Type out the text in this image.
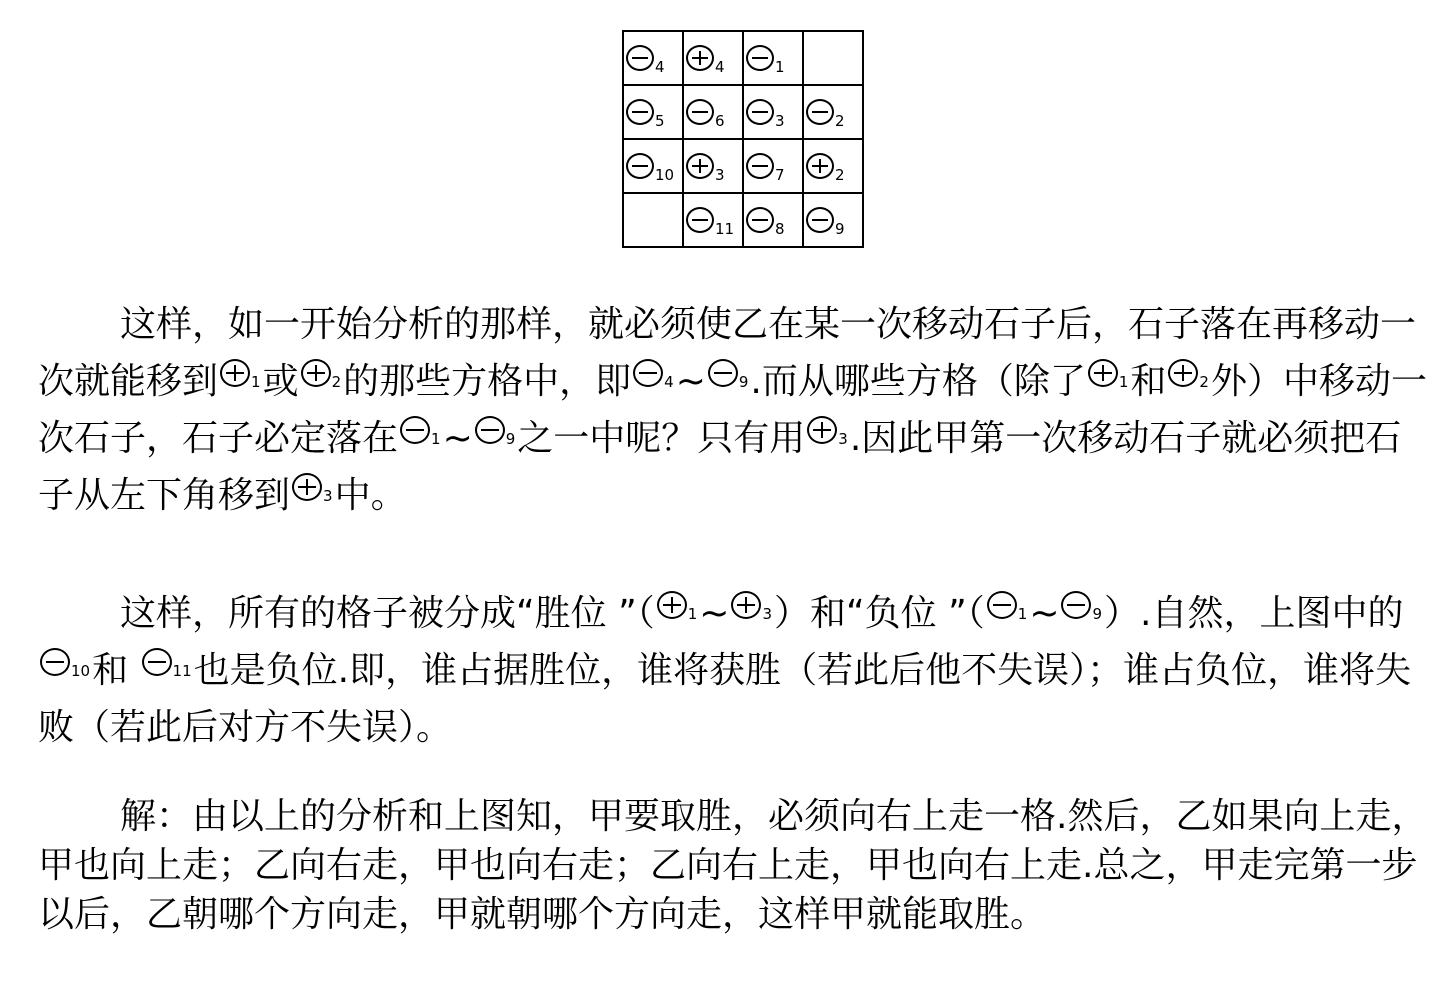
4	4	1	

5	6	3	2

10	3	7	2

	11	8	9

这样，如一开始分析的那样，就必须使乙在某一次移动石子后，石子落在再移动一次就能移到 1 或 2 的那些方格中，即 4 ~ 9 .而从哪些方格（除了 1 和 2 外）中移动一次石子，石子必定落在 1 ~ 9 之一中呢？只有用 3 .因此甲第一次移动石子就必须把石子从左下角移到 3 中。

这样，所有的格子被分成“胜位 ”（ 1 ~ 3 ）和“负位 ”（ 1 ~ 9 ）.自然，上图中的
10 和 11 也是负位.即，谁占据胜位，谁将获胜（若此后他不失误）；谁占负位，谁将失败（若此后对方不失误）。

解：由以上的分析和上图知，甲要取胜，必须向右上走一格.然后，乙如果向上走，甲也向上走；乙向右走，甲也向右走；乙向右上走，甲也向右上走.总之，甲走完第一步以后，乙朝哪个方向走，甲就朝哪个方向走，这样甲就能取胜。
